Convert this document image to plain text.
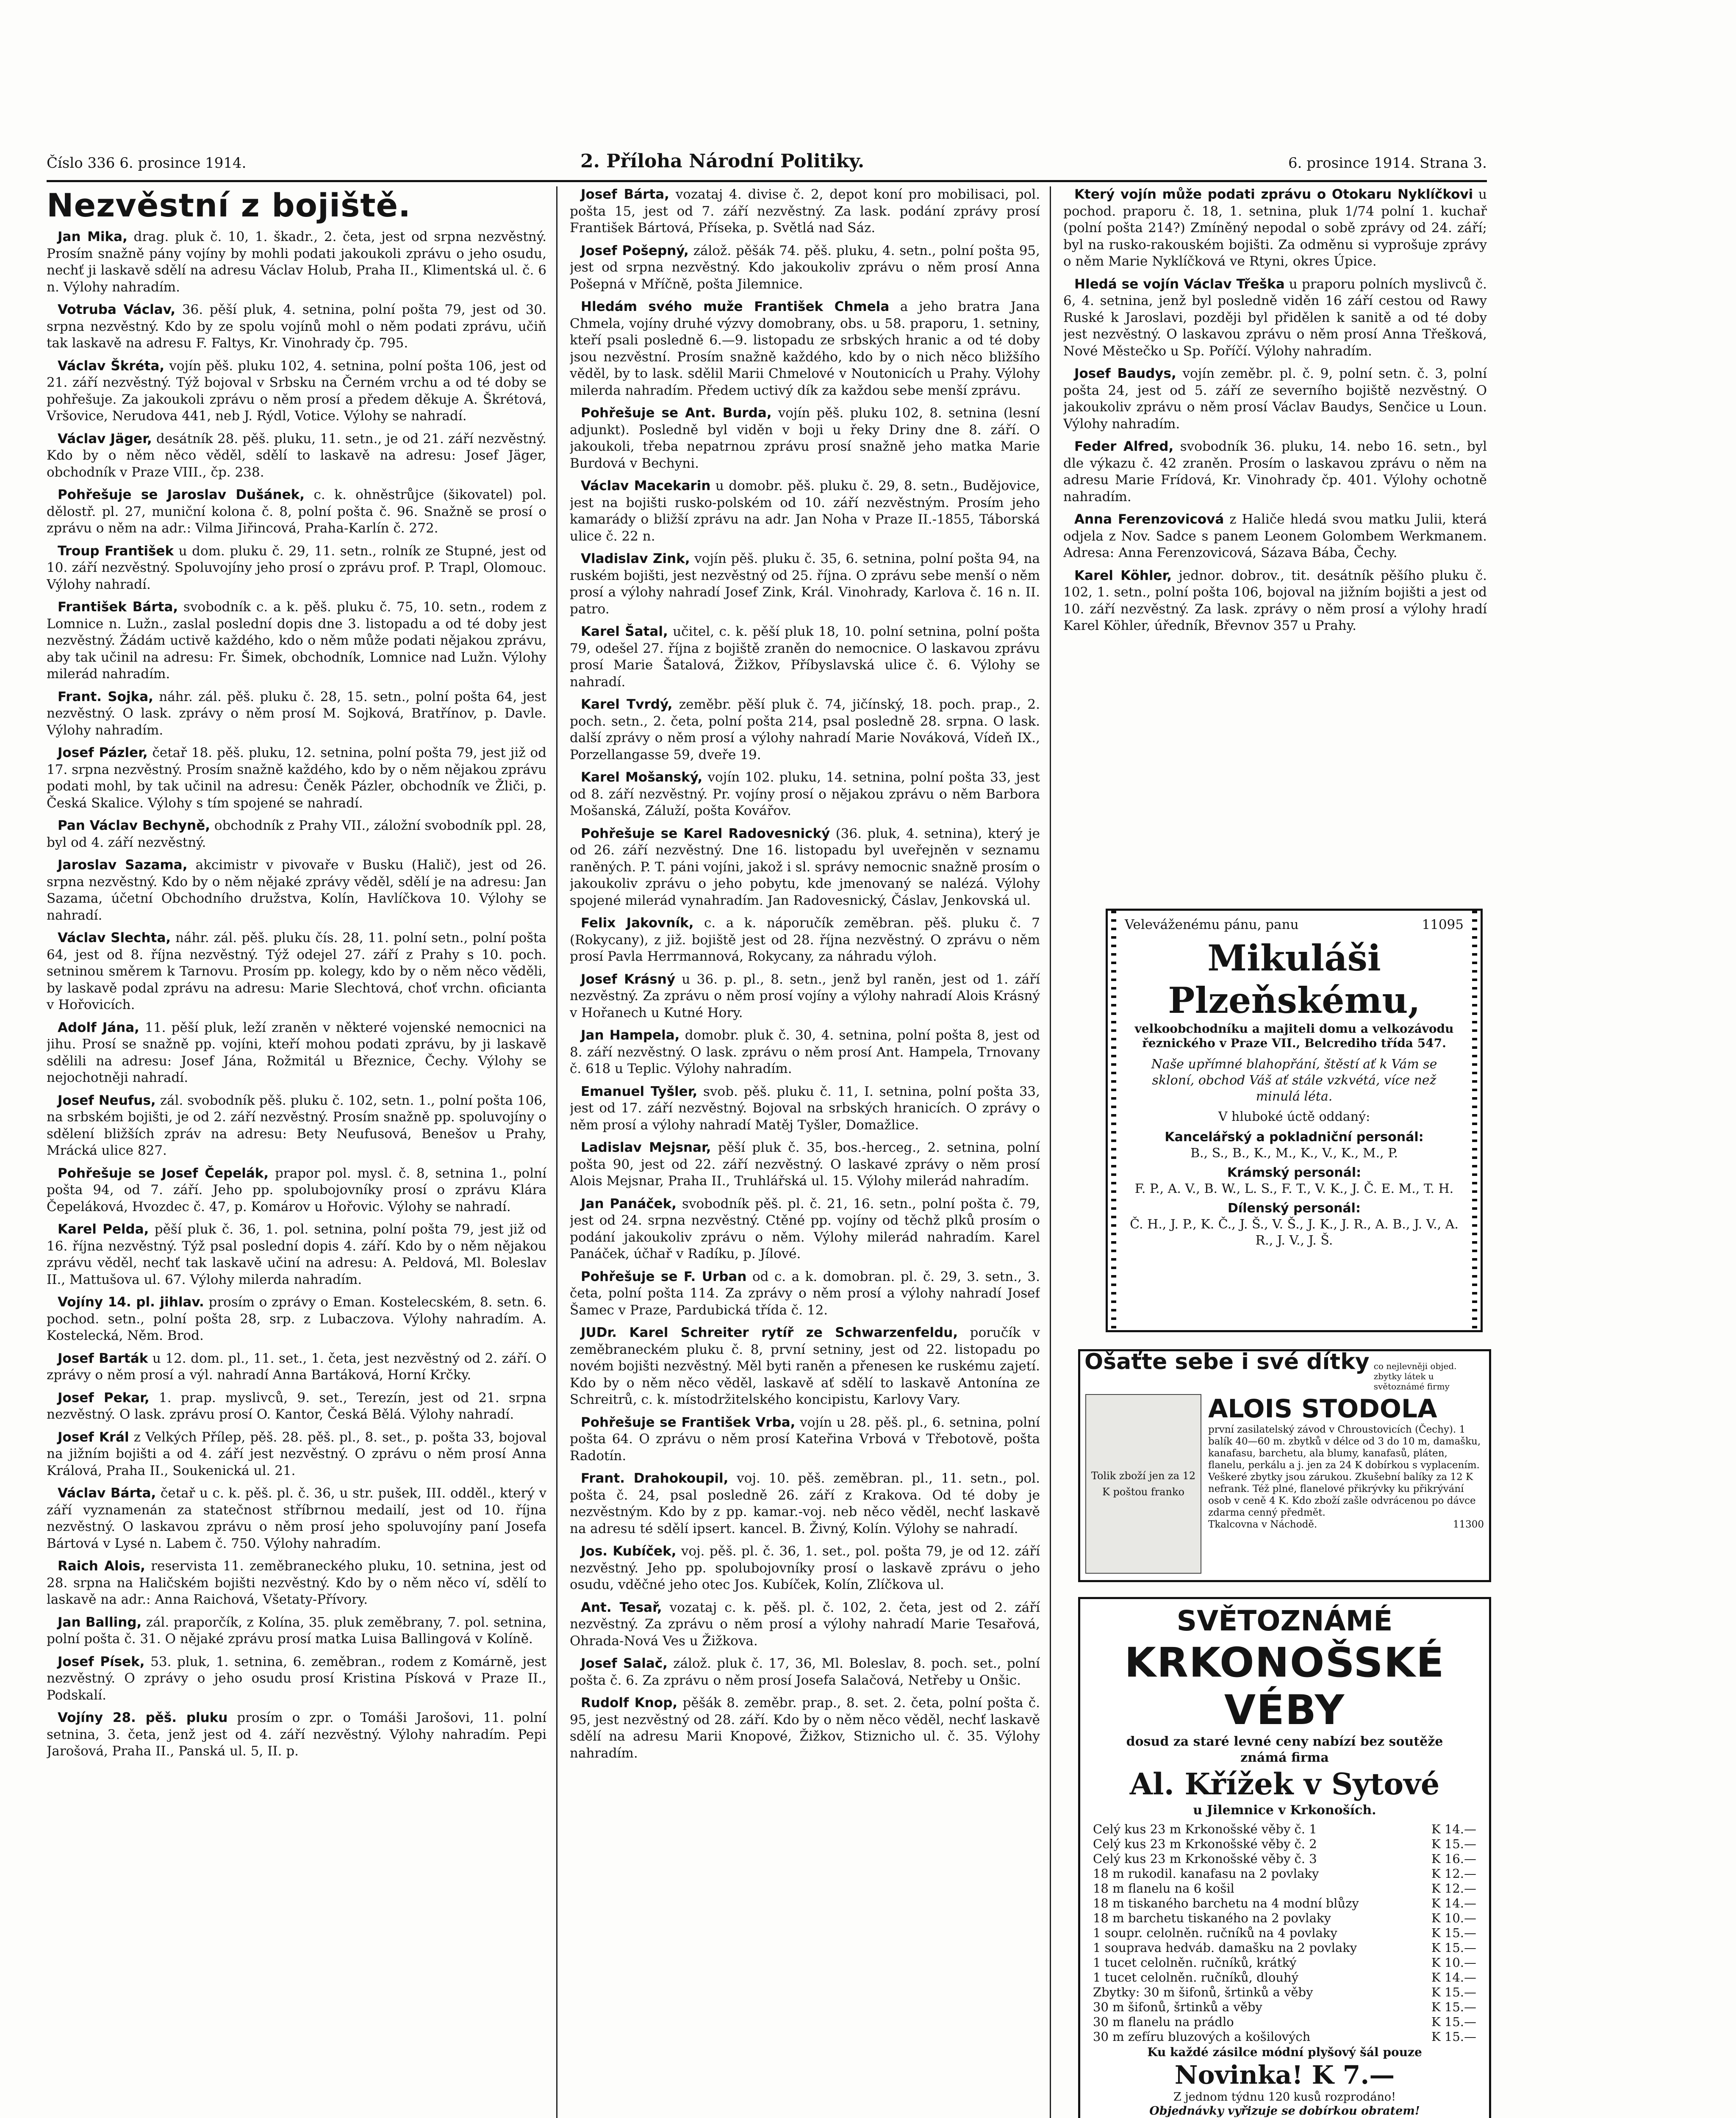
Číslo 336 6. prosince 1914.	2. Příloha Národní Politiky.	6. prosince 1914. Strana 3.
Nezvěstní z bojiště.

Jan Mika, drag. pluk č. 10, 1. škadr., 2. četa, jest od srpna nezvěstný. Prosím snažně pány vojíny by mohli podati jakoukoli zprávu o jeho osudu, nechť ji laskavě sdělí na adresu Václav Holub, Praha II., Klimentská ul. č. 6 n. Výlohy nahradím.

Votruba Václav, 36. pěší pluk, 4. setnina, polní pošta 79, jest od 30. srpna nezvěstný. Kdo by ze spolu vojínů mohl o něm podati zprávu, učiň tak laskavě na adresu F. Faltys, Kr. Vinohrady čp. 795.

Václav Škréta, vojín pěš. pluku 102, 4. setnina, polní pošta 106, jest od 21. září nezvěstný. Týž bojoval v Srbsku na Černém vrchu a od té doby se pohřešuje. Za jakoukoli zprávu o něm prosí a předem děkuje A. Škrétová, Vršovice, Nerudova 441, neb J. Rýdl, Votice. Výlohy se nahradí.

Václav Jäger, desátník 28. pěš. pluku, 11. setn., je od 21. září nezvěstný. Kdo by o něm něco věděl, sdělí to laskavě na adresu: Josef Jäger, obchodník v Praze VIII., čp. 238.

Pohřešuje se Jaroslav Dušánek, c. k. ohněstrůjce (šikovatel) pol. dělostř. pl. 27, muniční kolona č. 8, polní pošta č. 96. Snažně se prosí o zprávu o něm na adr.: Vilma Jiřincová, Praha-Karlín č. 272.

Troup František u dom. pluku č. 29, 11. setn., rolník ze Stupné, jest od 10. září nezvěstný. Spoluvojíny jeho prosí o zprávu prof. P. Trapl, Olomouc. Výlohy nahradí.

František Bárta, svobodník c. a k. pěš. pluku č. 75, 10. setn., rodem z Lomnice n. Lužn., zaslal poslední dopis dne 3. listopadu a od té doby jest nezvěstný. Žádám uctivě každého, kdo o něm může podati nějakou zprávu, aby tak učinil na adresu: Fr. Šimek, obchodník, Lomnice nad Lužn. Výlohy milerád nahradím.

Frant. Sojka, náhr. zál. pěš. pluku č. 28, 15. setn., polní pošta 64, jest nezvěstný. O lask. zprávy o něm prosí M. Sojková, Bratřínov, p. Davle. Výlohy nahradím.

Josef Pázler, četař 18. pěš. pluku, 12. setnina, polní pošta 79, jest již od 17. srpna nezvěstný. Prosím snažně každého, kdo by o něm nějakou zprávu podati mohl, by tak učinil na adresu: Čeněk Pázler, obchodník ve Žliči, p. Česká Skalice. Výlohy s tím spojené se nahradí.

Pan Václav Bechyně, obchodník z Prahy VII., záložní svobodník ppl. 28, byl od 4. září nezvěstný.

Jaroslav Sazama, akcimistr v pivovaře v Busku (Halič), jest od 26. srpna nezvěstný. Kdo by o něm nějaké zprávy věděl, sdělí je na adresu: Jan Sazama, účetní Obchodního družstva, Kolín, Havlíčkova 10. Výlohy se nahradí.

Václav Slechta, náhr. zál. pěš. pluku čís. 28, 11. polní setn., polní pošta 64, jest od 8. října nezvěstný. Týž odejel 27. září z Prahy s 10. poch. setninou směrem k Tarnovu. Prosím pp. kolegy, kdo by o něm něco věděli, by laskavě podal zprávu na adresu: Marie Slechtová, choť vrchn. oficianta v Hořovicích.

Adolf Jána, 11. pěší pluk, leží zraněn v některé vojenské nemocnici na jihu. Prosí se snažně pp. vojíni, kteří mohou podati zprávu, by ji laskavě sdělili na adresu: Josef Jána, Rožmitál u Březnice, Čechy. Výlohy se nejochotněji nahradí.

Josef Neufus, zál. svobodník pěš. pluku č. 102, setn. 1., polní pošta 106, na srbském bojišti, je od 2. září nezvěstný. Prosím snažně pp. spoluvojíny o sdělení bližších zpráv na adresu: Bety Neufusová, Benešov u Prahy, Mrácká ulice 827.

Pohřešuje se Josef Čepelák, prapor pol. mysl. č. 8, setnina 1., polní pošta 94, od 7. září. Jeho pp. spolubojovníky prosí o zprávu Klára Čepeláková, Hvozdec č. 47, p. Komárov u Hořovic. Výlohy se nahradí.

Karel Pelda, pěší pluk č. 36, 1. pol. setnina, polní pošta 79, jest již od 16. října nezvěstný. Týž psal poslední dopis 4. září. Kdo by o něm nějakou zprávu věděl, nechť tak laskavě učiní na adresu: A. Peldová, Ml. Boleslav II., Mattušova ul. 67. Výlohy milerda nahradím.

Vojíny 14. pl. jihlav. prosím o zprávy o Eman. Kostelecském, 8. setn. 6. pochod. setn., polní pošta 28, srp. z Lubaczova. Výlohy nahradím. A. Kostelecká, Něm. Brod.

Josef Barták u 12. dom. pl., 11. set., 1. četa, jest nezvěstný od 2. září. O zprávy o něm prosí a výl. nahradí Anna Bartáková, Horní Krčky.

Josef Pekar, 1. prap. myslivců, 9. set., Terezín, jest od 21. srpna nezvěstný. O lask. zprávu prosí O. Kantor, Česká Bělá. Výlohy nahradí.

Josef Král z Velkých Přílep, pěš. 28. pěš. pl., 8. set., p. pošta 33, bojoval na jižním bojišti a od 4. září jest nezvěstný. O zprávu o něm prosí Anna Králová, Praha II., Soukenická ul. 21.

Václav Bárta, četař u c. k. pěš. pl. č. 36, u str. pušek, III. odděl., který v září vyznamenán za statečnost stříbrnou medailí, jest od 10. října nezvěstný. O laskavou zprávu o něm prosí jeho spoluvojíny paní Josefa Bártová v Lysé n. Labem č. 750. Výlohy nahradím.

Raich Alois, reservista 11. zeměbraneckého pluku, 10. setnina, jest od 28. srpna na Haličském bojišti nezvěstný. Kdo by o něm něco ví, sdělí to laskavě na adr.: Anna Raichová, Všetaty-Přívory.

Jan Balling, zál. praporčík, z Kolína, 35. pluk zeměbrany, 7. pol. setnina, polní pošta č. 31. O nějaké zprávu prosí matka Luisa Ballingová v Kolíně.

Josef Písek, 53. pluk, 1. setnina, 6. zeměbran., rodem z Komárně, jest nezvěstný. O zprávy o jeho osudu prosí Kristina Písková v Praze II., Podskalí.

Vojíny 28. pěš. pluku prosím o zpr. o Tomáši Jarošovi, 11. polní setnina, 3. četa, jenž jest od 4. září nezvěstný. Výlohy nahradím. Pepi Jarošová, Praha II., Panská ul. 5, II. p.

Josef Bárta, vozataj 4. divise č. 2, depot koní pro mobilisaci, pol. pošta 15, jest od 7. září nezvěstný. Za lask. podání zprávy prosí František Bártová, Příseka, p. Světlá nad Sáz.

Josef Pošepný, zálož. pěšák 74. pěš. pluku, 4. setn., polní pošta 95, jest od srpna nezvěstný. Kdo jakoukoliv zprávu o něm prosí Anna Pošepná v Mříčně, pošta Jilemnice.

Hledám svého muže František Chmela a jeho bratra Jana Chmela, vojíny druhé výzvy domobrany, obs. u 58. praporu, 1. setniny, kteří psali posledně 6.—9. listopadu ze srbských hranic a od té doby jsou nezvěstní. Prosím snažně každého, kdo by o nich něco bližšího věděl, by to lask. sdělil Marii Chmelové v Noutonicích u Prahy. Výlohy milerda nahradím. Předem uctivý dík za každou sebe menší zprávu.

Pohřešuje se Ant. Burda, vojín pěš. pluku 102, 8. setnina (lesní adjunkt). Posledně byl viděn v boji u řeky Driny dne 8. září. O jakoukoli, třeba nepatrnou zprávu prosí snažně jeho matka Marie Burdová v Bechyni.

Václav Macekarin u domobr. pěš. pluku č. 29, 8. setn., Budějovice, jest na bojišti rusko-polském od 10. září nezvěstným. Prosím jeho kamarády o bližší zprávu na adr. Jan Noha v Praze II.-1855, Táborská ulice č. 22 n.

Vladislav Zink, vojín pěš. pluku č. 35, 6. setnina, polní pošta 94, na ruském bojišti, jest nezvěstný od 25. října. O zprávu sebe menší o něm prosí a výlohy nahradí Josef Zink, Král. Vinohrady, Karlova č. 16 n. II. patro.

Karel Šatal, učitel, c. k. pěší pluk 18, 10. polní setnina, polní pošta 79, odešel 27. října z bojiště zraněn do nemocnice. O laskavou zprávu prosí Marie Šatalová, Žižkov, Příbyslavská ulice č. 6. Výlohy se nahradí.

Karel Tvrdý, zeměbr. pěší pluk č. 74, jičínský, 18. poch. prap., 2. poch. setn., 2. četa, polní pošta 214, psal posledně 28. srpna. O lask. další zprávy o něm prosí a výlohy nahradí Marie Nováková, Vídeň IX., Porzellangasse 59, dveře 19.

Karel Mošanský, vojín 102. pluku, 14. setnina, polní pošta 33, jest od 8. září nezvěstný. Pr. vojíny prosí o nějakou zprávu o něm Barbora Mošanská, Záluží, pošta Kovářov.

Pohřešuje se Karel Radovesnický (36. pluk, 4. setnina), který je od 26. září nezvěstný. Dne 16. listopadu byl uveřejněn v seznamu raněných. P. T. páni vojíni, jakož i sl. správy nemocnic snažně prosím o jakoukoliv zprávu o jeho pobytu, kde jmenovaný se nalézá. Výlohy spojené milerád vynahradím. Jan Radovesnický, Čáslav, Jenkovská ul.

Felix Jakovník, c. a k. náporučík zeměbran. pěš. pluku č. 7 (Rokycany), z již. bojiště jest od 28. října nezvěstný. O zprávu o něm prosí Pavla Herrmannová, Rokycany, za náhradu výloh.

Josef Krásný u 36. p. pl., 8. setn., jenž byl raněn, jest od 1. září nezvěstný. Za zprávu o něm prosí vojíny a výlohy nahradí Alois Krásný v Hořanech u Kutné Hory.

Jan Hampela, domobr. pluk č. 30, 4. setnina, polní pošta 8, jest od 8. září nezvěstný. O lask. zprávu o něm prosí Ant. Hampela, Trnovany č. 618 u Teplic. Výlohy nahradím.

Emanuel Tyšler, svob. pěš. pluku č. 11, I. setnina, polní pošta 33, jest od 17. září nezvěstný. Bojoval na srbských hranicích. O zprávy o něm prosí a výlohy nahradí Matěj Tyšler, Domažlice.

Ladislav Mejsnar, pěší pluk č. 35, bos.-herceg., 2. setnina, polní pošta 90, jest od 22. září nezvěstný. O laskavé zprávy o něm prosí Alois Mejsnar, Praha II., Truhlářská ul. 15. Výlohy milerád nahradím.

Jan Panáček, svobodník pěš. pl. č. 21, 16. setn., polní pošta č. 79, jest od 24. srpna nezvěstný. Ctěné pp. vojíny od těchž plků prosím o podání jakoukoliv zprávu o něm. Výlohy milerád nahradím. Karel Panáček, účhař v Radíku, p. Jílové.

Pohřešuje se F. Urban od c. a k. domobran. pl. č. 29, 3. setn., 3. četa, polní pošta 114. Za zprávy o něm prosí a výlohy nahradí Josef Šamec v Praze, Pardubická třída č. 12.

JUDr. Karel Schreiter rytíř ze Schwarzenfeldu, poručík v zeměbraneckém pluku č. 8, první setniny, jest od 22. listopadu po novém bojišti nezvěstný. Měl byti raněn a přenesen ke ruskému zajetí. Kdo by o něm něco věděl, laskavě ať sdělí to laskavě Antonína ze Schreitrů, c. k. místodržitelského koncipistu, Karlovy Vary.

Pohřešuje se František Vrba, vojín u 28. pěš. pl., 6. setnina, polní pošta 64. O zprávu o něm prosí Kateřina Vrbová v Třebotově, pošta Radotín.

Frant. Drahokoupil, voj. 10. pěš. zeměbran. pl., 11. setn., pol. pošta č. 24, psal posledně 26. září z Krakova. Od té doby je nezvěstným. Kdo by z pp. kamar.-voj. neb něco věděl, nechť laskavě na adresu té sdělí ipsert. kancel. B. Živný, Kolín. Výlohy se nahradí.

Jos. Kubíček, voj. pěš. pl. č. 36, 1. set., pol. pošta 79, je od 12. září nezvěstný. Jeho pp. spolubojovníky prosí o laskavě zprávu o jeho osudu, vděčné jeho otec Jos. Kubíček, Kolín, Zlíčkova ul.

Ant. Tesař, vozataj c. k. pěš. pl. č. 102, 2. četa, jest od 2. září nezvěstný. Za zprávu o něm prosí a výlohy nahradí Marie Tesařová, Ohrada-Nová Ves u Žižkova.

Josef Salač, zálož. pluk č. 17, 36, Ml. Boleslav, 8. poch. set., polní pošta č. 6. Za zprávu o něm prosí Josefa Salačová, Netřeby u Onšic.

Rudolf Knop, pěšák 8. zeměbr. prap., 8. set. 2. četa, polní pošta č. 95, jest nezvěstný od 28. září. Kdo by o něm něco věděl, nechť laskavě sdělí na adresu Marii Knopové, Žižkov, Stiznicho ul. č. 35. Výlohy nahradím.

Který vojín může podati zprávu o Otokaru Nyklíčkovi u pochod. praporu č. 18, 1. setnina, pluk 1/74 polní 1. kuchař (polní pošta 214?) Zmíněný nepodal o sobě zprávy od 24. září; byl na rusko-rakouském bojišti. Za odměnu si vyprošuje zprávy o něm Marie Nyklíčková ve Rtyni, okres Úpice.

Hledá se vojín Václav Třeška u praporu polních myslivců č. 6, 4. setnina, jenž byl posledně viděn 16 září cestou od Rawy Ruské k Jaroslavi, později byl přidělen k sanitě a od té doby jest nezvěstný. O laskavou zprávu o něm prosí Anna Třešková, Nové Městečko u Sp. Poříčí. Výlohy nahradím.

Josef Baudys, vojín zeměbr. pl. č. 9, polní setn. č. 3, polní pošta 24, jest od 5. září ze severního bojiště nezvěstný. O jakoukoliv zprávu o něm prosí Václav Baudys, Senčice u Loun. Výlohy nahradím.

Feder Alfred, svobodník 36. pluku, 14. nebo 16. setn., byl dle výkazu č. 42 zraněn. Prosím o laskavou zprávu o něm na adresu Marie Frídová, Kr. Vinohrady čp. 401. Výlohy ochotně nahradím.

Anna Ferenzovicová z Haliče hledá svou matku Julii, která odjela z Nov. Sadce s panem Leonem Golombem Werkmanem. Adresa: Anna Ferenzovicová, Sázava Bába, Čechy.

Karel Köhler, jednor. dobrov., tit. desátník pěšího pluku č. 102, 1. setn., polní pošta 106, bojoval na jižním bojišti a jest od 10. září nezvěstný. Za lask. zprávy o něm prosí a výlohy hradí Karel Köhler, úředník, Břevnov 357 u Prahy.

Veleváženému pánu, panu	11095
Mikuláši Plzeňskému,
velkoobchodníku a majiteli domu a velkozávodu řeznického v Praze VII., Belcrediho třída 547.
Naše upřímné blahopřání, štěstí ať k Vám se skloní, obchod Váš ať stále vzkvétá, více než minulá léta.
V hluboké úctě oddaný:
Kancelářský a pokladniční personál:
B., S., B., K., M., K., V., K., M., P.
Krámský personál:
F. P., A. V., B. W., L. S., F. T., V. K., J. Č. E. M., T. H.
Dílenský personál:
Č. H., J. P., K. Č., J. Š., V. Š., J. K., J. R., A. B., J. V., A. R., J. V., J. Š.
Ošaťte sebe i své dítky co nejlevněji objed. zbytky látek u světoznámé firmy
Tolik zboží jen za 12 K poštou franko
ALOIS STODOLA
první zasilatelský závod v Chroustovicích (Čechy). 1 balík 40—60 m. zbytků v délce od 3 do 10 m, damašku, kanafasu, barchetu, ala blumy, kanafasů, pláten, flanelu, perkálu a j. jen za 24 K dobírkou s vyplacením. Veškeré zbytky jsou zárukou. Zkušební balíky za 12 K nefrank. Též plné, flanelové přikrývky ku přikrývání osob v ceně 4 K. Kdo zboží zašle odvrácenou po dávce zdarma cenný předmět.
Tkalcovna v Náchodě.	11300
SVĚTOZNÁMÉ
KRKONOŠSKÉ VÉBY
dosud za staré levné ceny nabízí bez soutěže známá firma
Al. Křížek v Sytové
u Jilemnice v Krkonoších.
Celý kus 23 m Krkonošské věby č. 1	K 14.—
Celý kus 23 m Krkonošské věby č. 2	K 15.—
Celý kus 23 m Krkonošské věby č. 3	K 16.—
18 m rukodil. kanafasu na 2 povlaky	K 12.—
18 m flanelu na 6 košil	K 12.—
18 m tiskaného barchetu na 4 modní blůzy	K 14.—
18 m barchetu tiskaného na 2 povlaky	K 10.—
1 soupr. celolněn. ručníků na 4 povlaky	K 15.—
1 souprava hedváb. damašku na 2 povlaky	K 15.—
1 tucet celolněn. ručníků, krátký	K 10.—
1 tucet celolněn. ručníků, dlouhý	K 14.—
Zbytky: 30 m šifonů, šrtinků a věby	K 15.—
30 m šifonů, šrtinků a věby	K 15.—
30 m flanelu na prádlo	K 15.—
30 m zefíru bluzových a košilových	K 15.—
Ku každé zásilce módní plyšový šál pouze
Novinka! K 7.—
Z jednom týdnu 120 kusů rozprodáno!
Objednávky vyřizuje se dobírkou obratem!
